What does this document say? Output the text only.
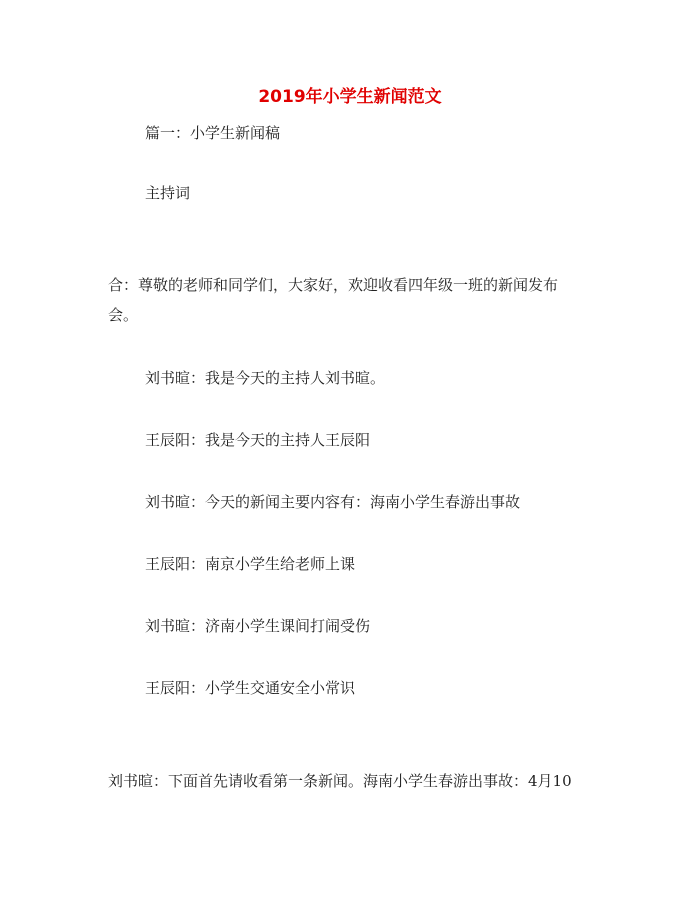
2019年小学生新闻范文
篇一：小学生新闻稿
主持词
合：尊敬的老师和同学们，大家好，欢迎收看四年级一班的新闻发布
会。
刘书暄：我是今天的主持人刘书暄。
王辰阳：我是今天的主持人王辰阳
刘书暄：今天的新闻主要内容有：海南小学生春游出事故
王辰阳：南京小学生给老师上课
刘书暄：济南小学生课间打闹受伤
王辰阳：小学生交通安全小常识
刘书暄：下面首先请收看第一条新闻。海南小学生春游出事故：4月10
